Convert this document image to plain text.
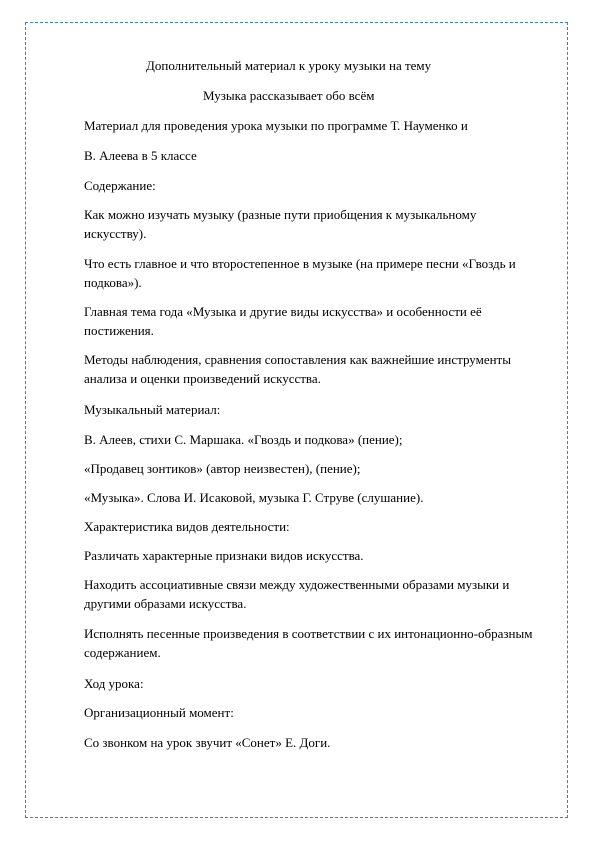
Дополнительный материал к уроку музыки на тему
Музыка рассказывает обо всём
Материал для проведения урока музыки по программе Т. Науменко и
В. Алеева в 5 классе
Содержание:
Как можно изучать музыку (разные пути приобщения к музыкальному искусству).
Что есть главное и что второстепенное в музыке (на примере песни «Гвоздь и подкова»).
Главная тема года «Музыка и другие виды искусства» и особенности её постижения.
Методы наблюдения, сравнения сопоставления как важнейшие инструменты анализа и оценки произведений искусства.
Музыкальный материал:
В. Алеев, стихи С. Маршака. «Гвоздь и подкова» (пение);
«Продавец зонтиков» (автор неизвестен), (пение);
«Музыка». Слова И. Исаковой, музыка Г. Струве (слушание).
Характеристика видов деятельности:
Различать характерные признаки видов искусства.
Находить ассоциативные связи между художественными образами музыки и другими образами искусства.
Исполнять песенные произведения в соответствии с их интонационно-образным содержанием.
Ход урока:
Организационный момент:
Со звонком на урок звучит «Сонет» Е. Доги.
